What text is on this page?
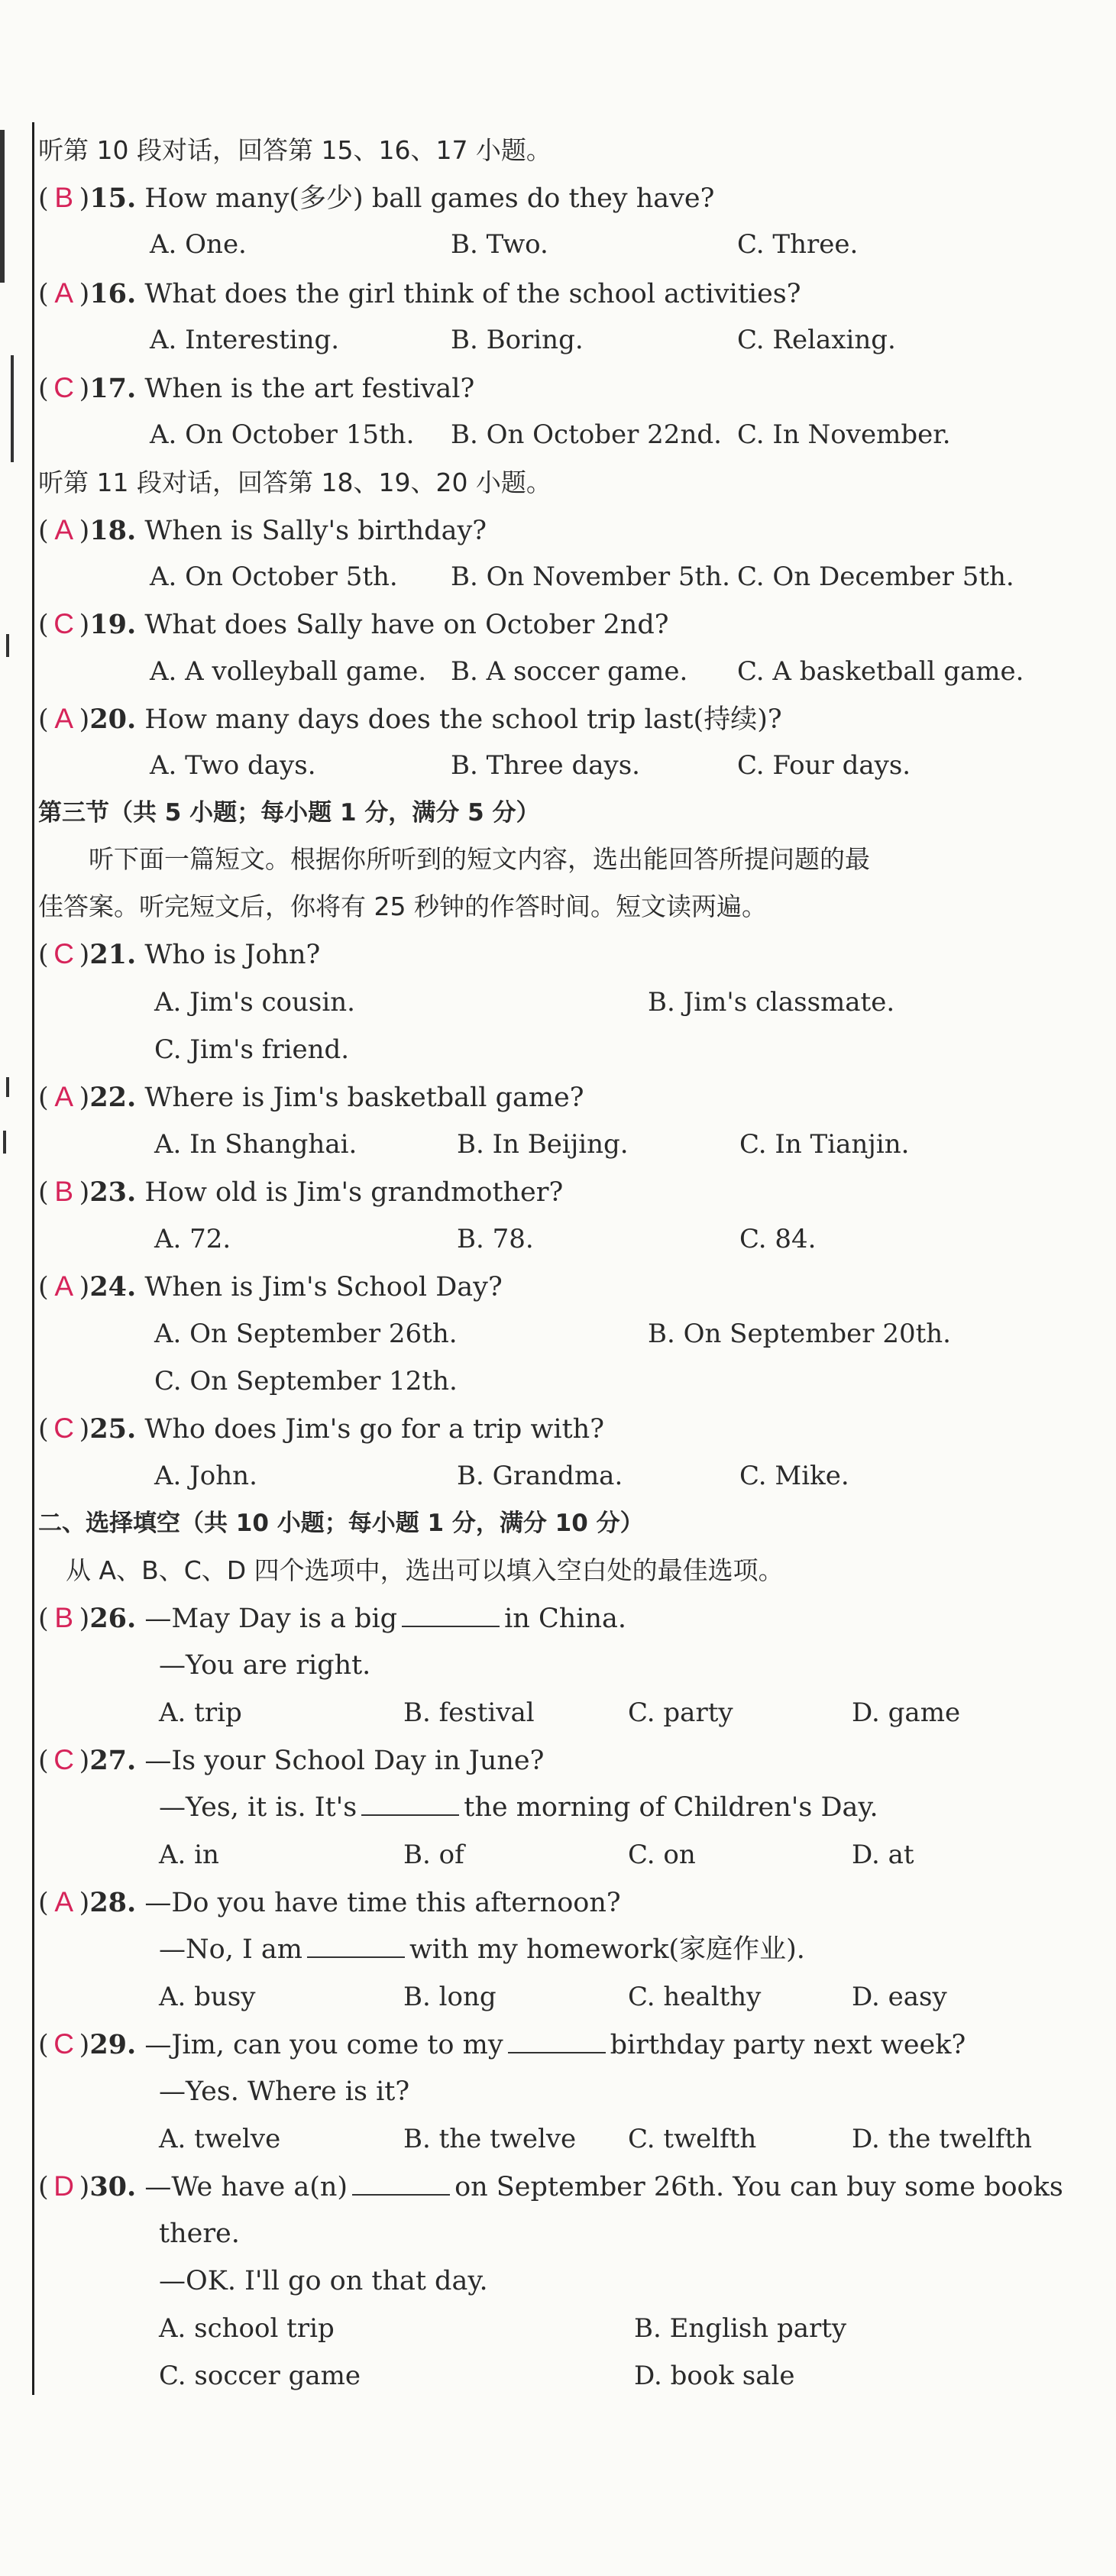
听第 10 段对话，回答第 15、16、17 小题。
( B )15. How many(多少) ball games do they have?
A. One.	B. Two.	C. Three.
( A )16. What does the girl think of the school activities?
A. Interesting.	B. Boring.	C. Relaxing.
( C )17. When is the art festival?
A. On October 15th. B. On October 22nd. C. In November.
听第 11 段对话，回答第 18、19、20 小题。
( A )18. When is Sally's birthday?
A. On October 5th. B. On November 5th. C. On December 5th.
( C )19. What does Sally have on October 2nd?
A. A volleyball game. B. A soccer game. C. A basketball game.
( A )20. How many days does the school trip last(持续)?
A. Two days.	B. Three days.	C. Four days.
第三节（共 5 小题；每小题 1 分，满分 5 分）
听下面一篇短文。根据你所听到的短文内容，选出能回答所提问题的最
佳答案。听完短文后，你将有 25 秒钟的作答时间。短文读两遍。
( C )21. Who is John?
A. Jim's cousin.	B. Jim's classmate.
C. Jim's friend.
( A )22. Where is Jim's basketball game?
A. In Shanghai.	B. In Beijing.	C. In Tianjin.
( B )23. How old is Jim's grandmother?
A. 72.	B. 78.	C. 84.
( A )24. When is Jim's School Day?
A. On September 26th.	B. On September 20th.
C. On September 12th.
( C )25. Who does Jim's go for a trip with?
A. John.	B. Grandma.	C. Mike.
二、选择填空（共 10 小题；每小题 1 分，满分 10 分）
从 A、B、C、D 四个选项中，选出可以填入空白处的最佳选项。
( B )26. —May Day is a big	in China.
—You are right.
A. trip	B. festival	C. party	D. game
( C )27. —Is your School Day in June?
—Yes, it is. It's	the morning of Children's Day.
A. in	B. of	C. on	D. at
( A )28. —Do you have time this afternoon?
—No, I am	with my homework(家庭作业).
A. busy	B. long	C. healthy	D. easy
( C )29. —Jim, can you come to my	birthday party next week?
—Yes. Where is it?
A. twelve	B. the twelve C. twelfth	D. the twelfth
( D )30. —We have a(n)	on September 26th. You can buy some books
there.
—OK. I'll go on that day.
A. school trip	B. English party
C. soccer game	D. book sale
